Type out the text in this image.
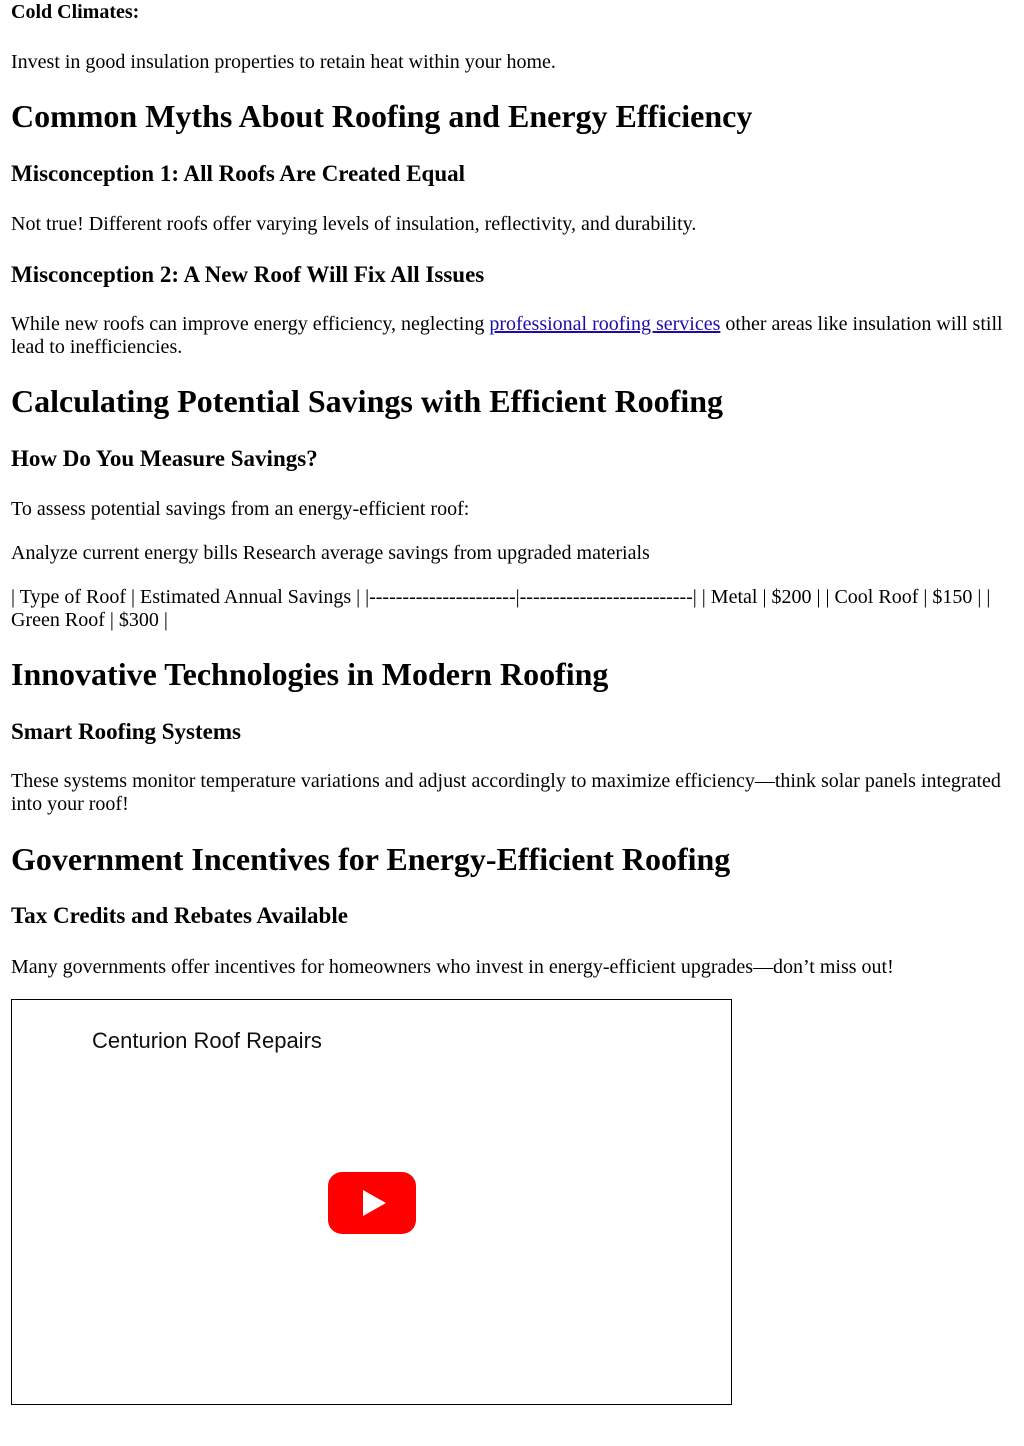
Cold Climates:

Invest in good insulation properties to retain heat within your home.

Common Myths About Roofing and Energy Efficiency
Misconception 1: All Roofs Are Created Equal

Not true! Different roofs offer varying levels of insulation, reflectivity, and durability.

Misconception 2: A New Roof Will Fix All Issues

While new roofs can improve energy efficiency, neglecting professional roofing services other areas like insulation will still lead to inefficiencies.

Calculating Potential Savings with Efficient Roofing
How Do You Measure Savings?

To assess potential savings from an energy-efficient roof:

Analyze current energy bills Research average savings from upgraded materials

| Type of Roof | Estimated Annual Savings | |----------------------|--------------------------| | Metal | $200 | | Cool Roof | $150 | | Green Roof | $300 |

Innovative Technologies in Modern Roofing
Smart Roofing Systems

These systems monitor temperature variations and adjust accordingly to maximize efficiency—think solar panels integrated into your roof!

Government Incentives for Energy-Efficient Roofing
Tax Credits and Rebates Available

Many governments offer incentives for homeowners who invest in energy-efficient upgrades—don’t miss out!

Centurion Roof Repairs
